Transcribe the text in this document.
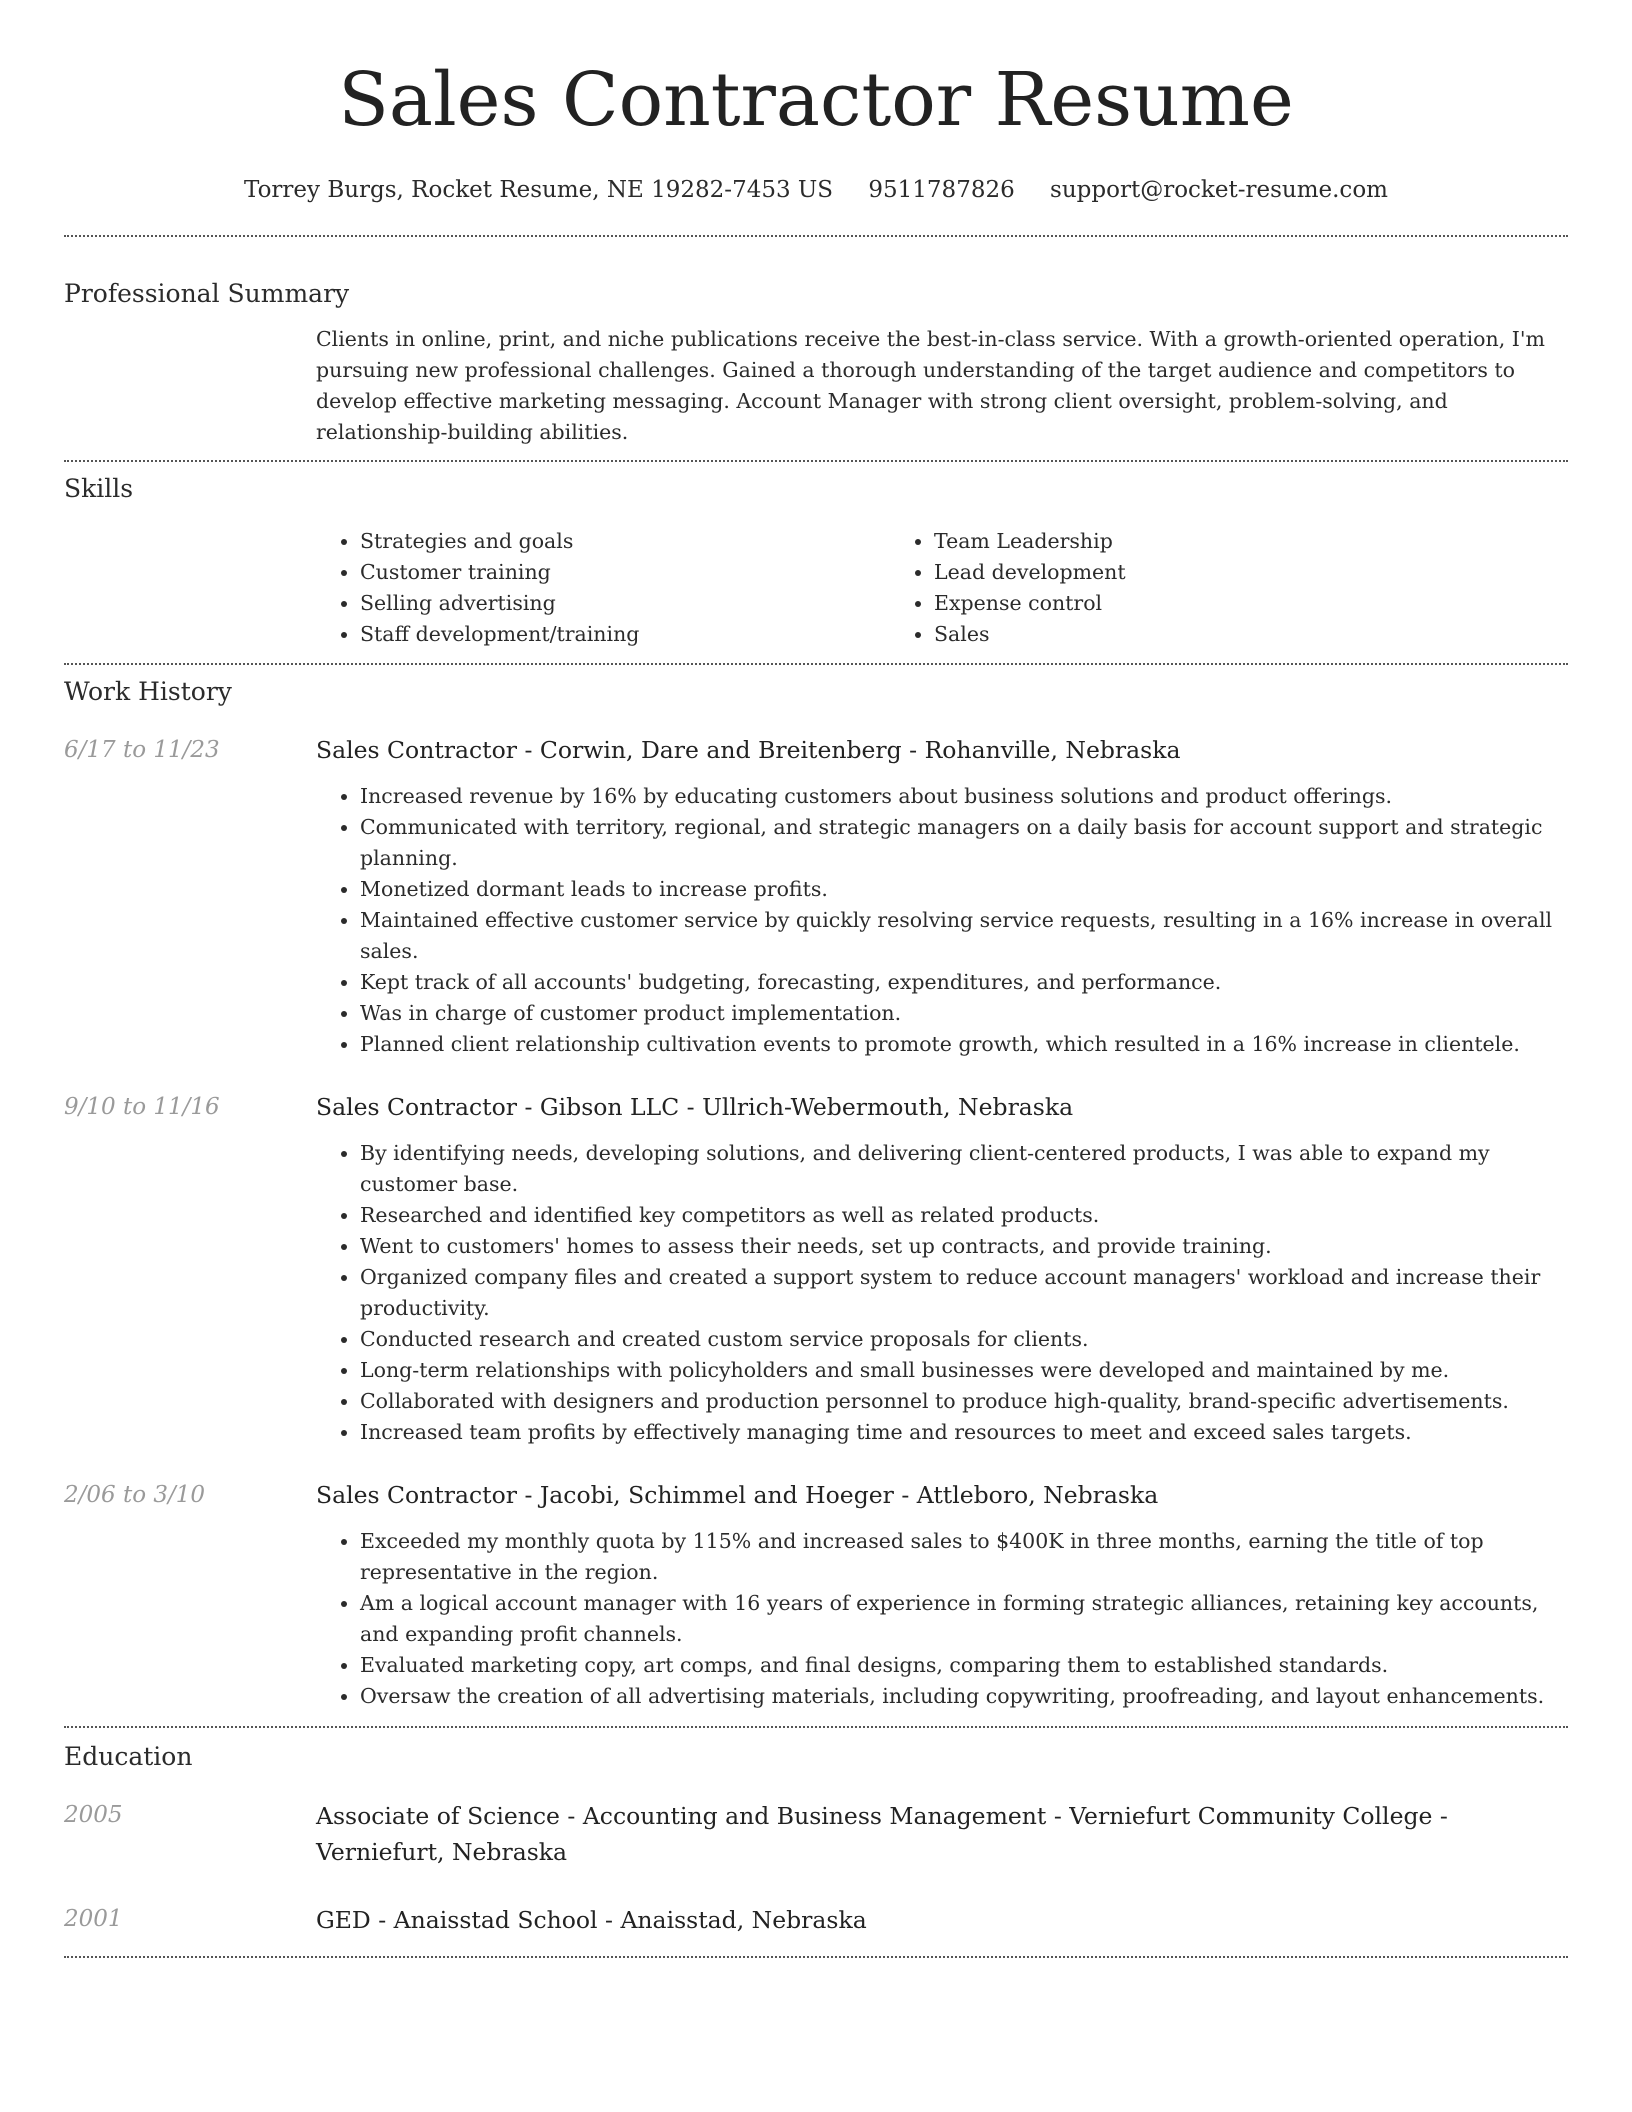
Sales Contractor Resume
Torrey Burgs, Rocket Resume, NE 19282-7453 US 9511787826 support@rocket-resume.com
Professional Summary
Clients in online, print, and niche publications receive the best-in-class service. With a growth-oriented operation, I'm pursuing new professional challenges. Gained a thorough understanding of the target audience and competitors to develop effective marketing messaging. Account Manager with strong client oversight, problem-solving, and relationship-building abilities.
Skills
• Strategies and goals
• Customer training
• Selling advertising
• Staff development/training
• Team Leadership
• Lead development
• Expense control
• Sales
Work History
6/17 to 11/23	Sales Contractor - Corwin, Dare and Breitenberg - Rohanville, Nebraska
• Increased revenue by 16% by educating customers about business solutions and product offerings.
• Communicated with territory, regional, and strategic managers on a daily basis for account support and strategic planning.
• Monetized dormant leads to increase profits.
• Maintained effective customer service by quickly resolving service requests, resulting in a 16% increase in overall sales.
• Kept track of all accounts' budgeting, forecasting, expenditures, and performance.
• Was in charge of customer product implementation.
• Planned client relationship cultivation events to promote growth, which resulted in a 16% increase in clientele.
9/10 to 11/16	Sales Contractor - Gibson LLC - Ullrich-Webermouth, Nebraska
• By identifying needs, developing solutions, and delivering client-centered products, I was able to expand my customer base.
• Researched and identified key competitors as well as related products.
• Went to customers' homes to assess their needs, set up contracts, and provide training.
• Organized company files and created a support system to reduce account managers' workload and increase their productivity.
• Conducted research and created custom service proposals for clients.
• Long-term relationships with policyholders and small businesses were developed and maintained by me.
• Collaborated with designers and production personnel to produce high-quality, brand-specific advertisements.
• Increased team profits by effectively managing time and resources to meet and exceed sales targets.
2/06 to 3/10	Sales Contractor - Jacobi, Schimmel and Hoeger - Attleboro, Nebraska
• Exceeded my monthly quota by 115% and increased sales to $400K in three months, earning the title of top representative in the region.
• Am a logical account manager with 16 years of experience in forming strategic alliances, retaining key accounts, and expanding profit channels.
• Evaluated marketing copy, art comps, and final designs, comparing them to established standards.
• Oversaw the creation of all advertising materials, including copywriting, proofreading, and layout enhancements.
Education
2005	Associate of Science - Accounting and Business Management - Verniefurt Community College - Verniefurt, Nebraska
2001	GED - Anaisstad School - Anaisstad, Nebraska
